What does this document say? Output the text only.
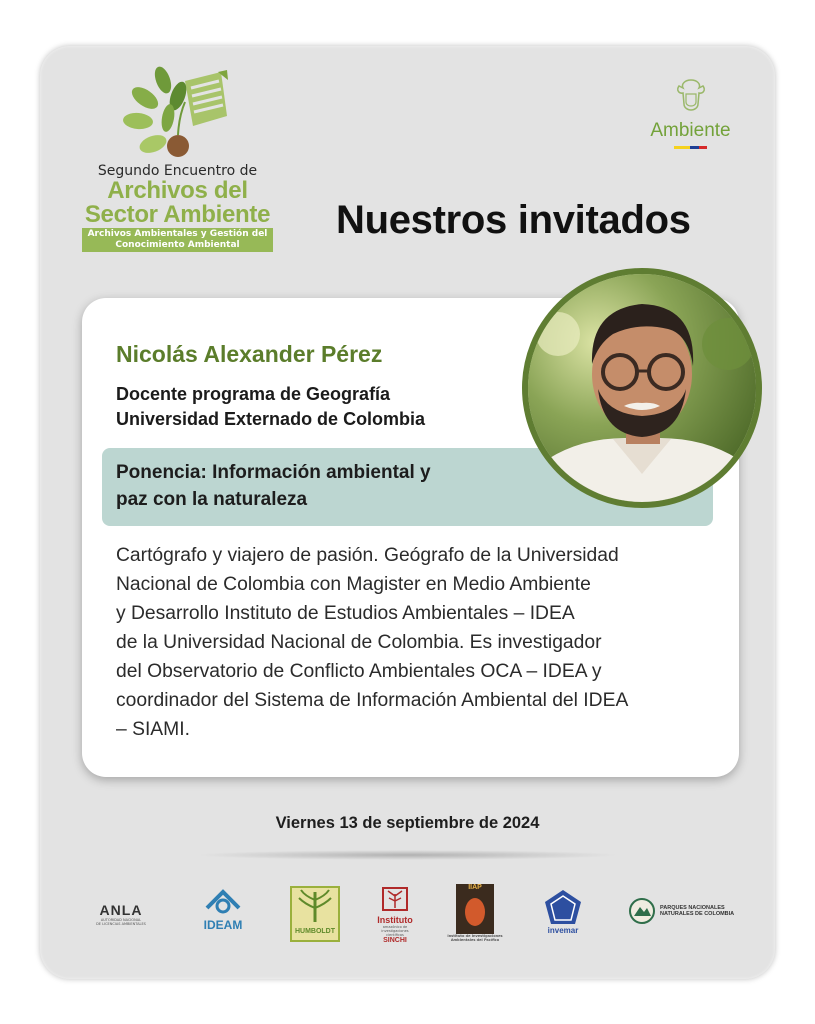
Segundo Encuentro de
Archivos del
Sector Ambiente
Archivos Ambientales y Gestión del
Conocimiento Ambiental
Ambiente
Nuestros invitados
Nicolás Alexander Pérez
Docente programa de Geografía
Universidad Externado de Colombia
Ponencia: Información ambiental y
paz con la naturaleza
Cartógrafo y viajero de pasión. Geógrafo de la Universidad
Nacional de Colombia con Magister en Medio Ambiente
y Desarrollo Instituto de Estudios Ambientales – IDEA
de la Universidad Nacional de Colombia. Es investigador
del Observatorio de Conflicto Ambientales OCA – IDEA y
coordinador del Sistema de Información Ambiental del IDEA
– SIAMI.
Viernes 13 de septiembre de 2024
ANLA
AUTORIDAD NACIONAL
DE LICENCIAS AMBIENTALES	IDEAM	HUMBOLDT
Instituto
amazónico de investigaciones científicas
SINCHI
IIAP
Instituto de Investigaciones
Ambientales del Pacífico
invemar
PARQUES NACIONALES
NATURALES DE COLOMBIA
